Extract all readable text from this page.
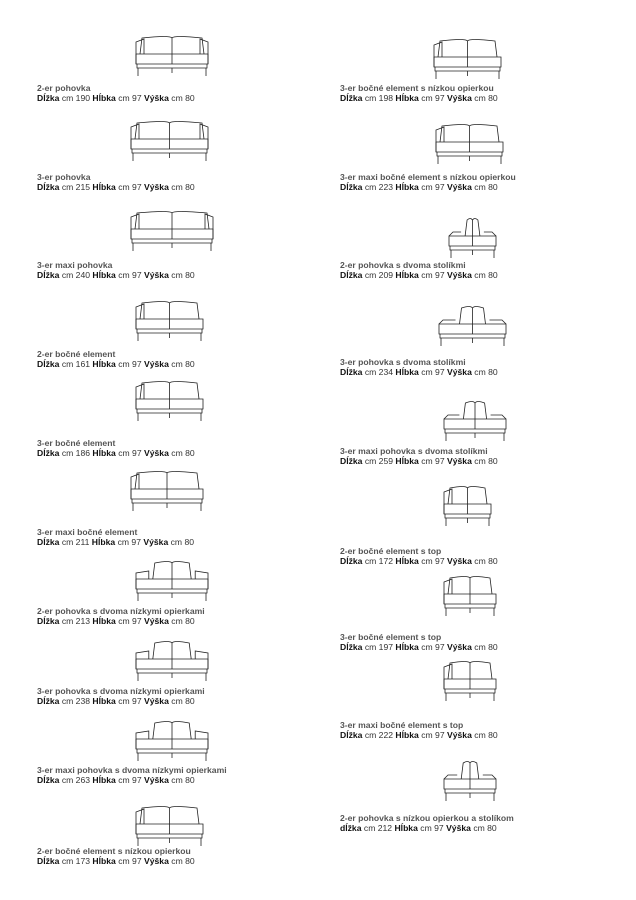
2-er pohovka
Dĺžka cm 190 Hĺbka cm 97 Výška cm 80
3-er pohovka
Dĺžka cm 215 Hĺbka cm 97 Výška cm 80
3-er maxi pohovka
Dĺžka cm 240 Hĺbka cm 97 Výška cm 80
2-er bočné element
Dĺžka cm 161 Hĺbka cm 97 Výška cm 80
3-er bočné element
Dĺžka cm 186 Hĺbka cm 97 Výška cm 80
3-er maxi bočné element
Dĺžka cm 211 Hĺbka cm 97 Výška cm 80
2-er pohovka s dvoma nízkymi opierkami
Dĺžka cm 213 Hĺbka cm 97 Výška cm 80
3-er pohovka s dvoma nízkymi opierkami
Dĺžka cm 238 Hĺbka cm 97 Výška cm 80
3-er maxi pohovka s dvoma nízkymi opierkami
Dĺžka cm 263 Hĺbka cm 97 Výška cm 80
2-er bočné element s nízkou opierkou
Dĺžka cm 173 Hĺbka cm 97 Výška cm 80
3-er bočné element s nízkou opierkou
Dĺžka cm 198 Hĺbka cm 97 Výška cm 80
3-er maxi bočné element s nízkou opierkou
Dĺžka cm 223 Hĺbka cm 97 Výška cm 80
2-er pohovka s dvoma stolíkmi
Dĺžka cm 209 Hĺbka cm 97 Výška cm 80
3-er pohovka s dvoma stolíkmi
Dĺžka cm 234 Hĺbka cm 97 Výška cm 80
3-er maxi pohovka s dvoma stolíkmi
Dĺžka cm 259 Hĺbka cm 97 Výška cm 80
2-er bočné element s top
Dĺžka cm 172 Hĺbka cm 97 Výška cm 80
3-er bočné element s top
Dĺžka cm 197 Hĺbka cm 97 Výška cm 80
3-er maxi bočné element s top
Dĺžka cm 222 Hĺbka cm 97 Výška cm 80
2-er pohovka s nízkou opierkou a stolíkom
dĺžka cm 212 Hĺbka cm 97 Výška cm 80
